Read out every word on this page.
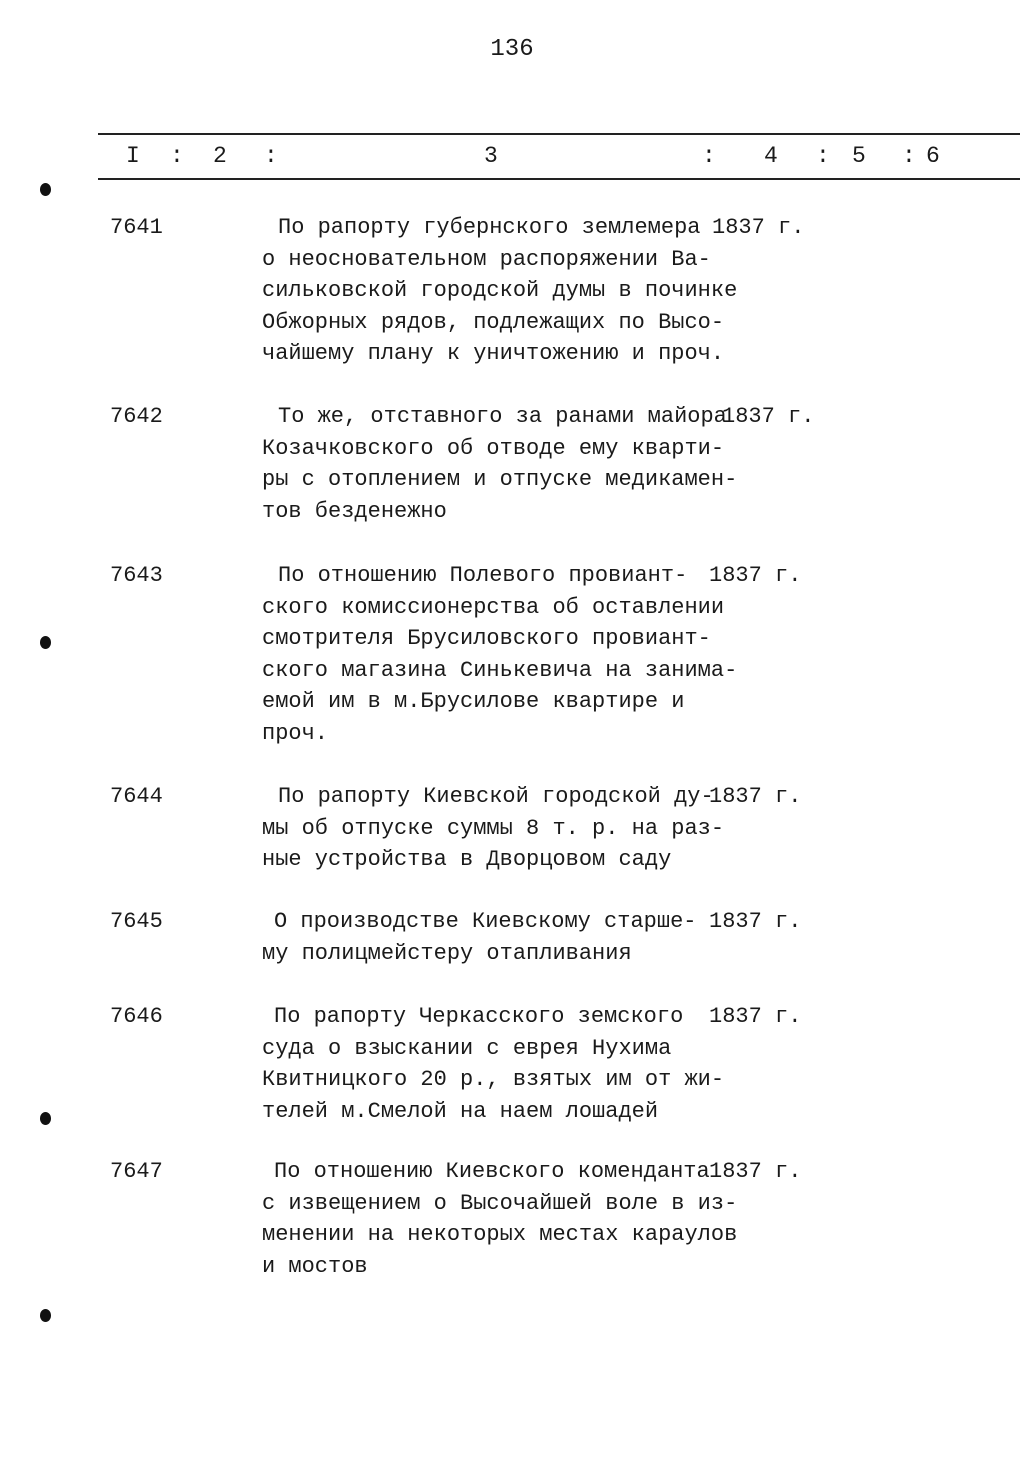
136
I : 2 :	3	: 4 : 5 : 6
7641	По рапорту губернского землемера
о неосновательном распоряжении Ва-
сильковской городской думы в починке
Обжорных рядов, подлежащих по Высо-
чайшему плану к уничтожению и проч.
1837 г.
7642	То же, отставного за ранами майора
Козачковского об отводе ему кварти-
ры с отоплением и отпуске медикамен-
тов безденежно
1837 г.
7643	По отношению Полевого провиант-
ского комиссионерства об оставлении
смотрителя Брусиловского провиант-
ского магазина Синькевича на занима-
емой им в м.Брусилове квартире и
проч.
1837 г.
7644	По рапорту Киевской городской ду-
мы об отпуске суммы 8 т. р. на раз-
ные устройства в Дворцовом саду
1837 г.
7645	О производстве Киевскому старше-
му полицмейстеру отапливания
1837 г.
7646	По рапорту Черкасского земского
суда о взыскании с еврея Нухима
Квитницкого 20 р., взятых им от жи-
телей м.Смелой на наем лошадей
1837 г.
7647	По отношению Киевского коменданта
с извещением о Высочайшей воле в из-
менении на некоторых местах караулов
и мостов
1837 г.
